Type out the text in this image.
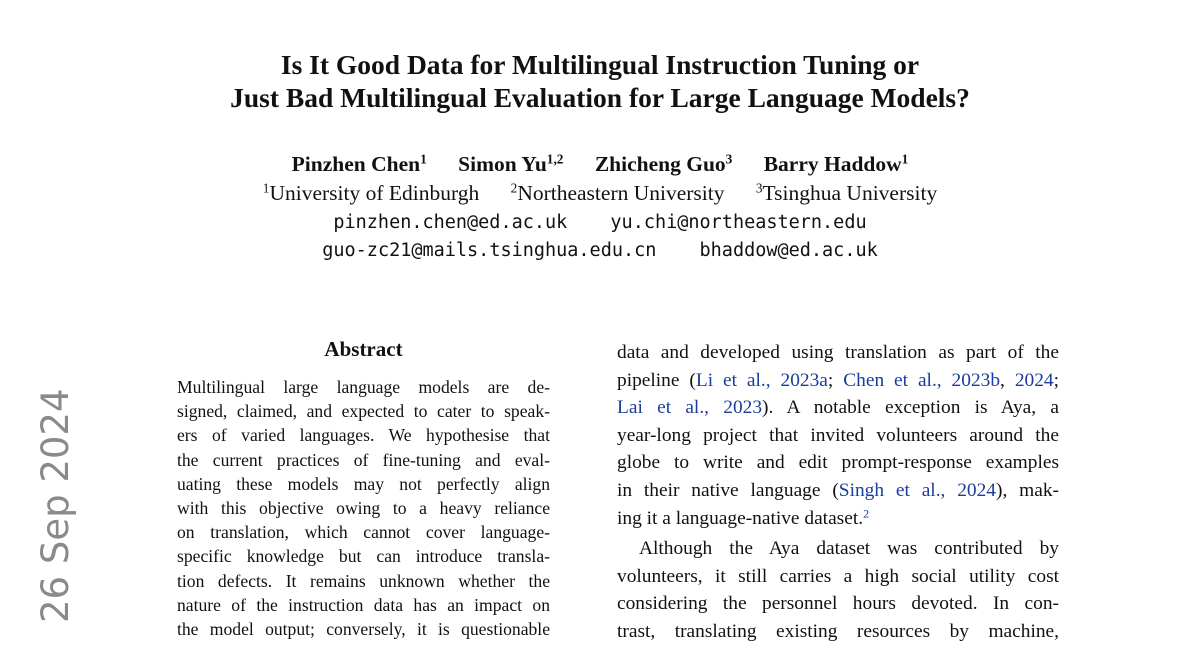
Is It Good Data for Multilingual Instruction Tuning or
Just Bad Multilingual Evaluation for Large Language Models?
Pinzhen Chen$^1$ Simon Yu$^{1,2}$ Zhicheng Guo$^3$ Barry Haddow$^1$
$^1$University of Edinburgh $^2$Northeastern University $^3$Tsinghua University
pinzhen.chen@ed.ac.uk yu.chi@northeastern.edu
guo-zc21@mails.tsinghua.edu.cn bhaddow@ed.ac.uk
Abstract
Multilingual large language models are de-
signed, claimed, and expected to cater to speak-
ers of varied languages. We hypothesise that
the current practices of fine-tuning and eval-
uating these models may not perfectly align
with this objective owing to a heavy reliance
on translation, which cannot cover language-
specific knowledge but can introduce transla-
tion defects. It remains unknown whether the
nature of the instruction data has an impact on
the model output; conversely, it is questionable
data and developed using translation as part of the
pipeline (Li et al., 2023a; Chen et al., 2023b, 2024;
Lai et al., 2023). A notable exception is Aya, a
year-long project that invited volunteers around the
globe to write and edit prompt-response examples
in their native language (Singh et al., 2024), mak-
ing it a language-native dataset.$^2$
Although the Aya dataset was contributed by
volunteers, it still carries a high social utility cost
considering the personnel hours devoted. In con-
trast, translating existing resources by machine,
26 Sep 2024
